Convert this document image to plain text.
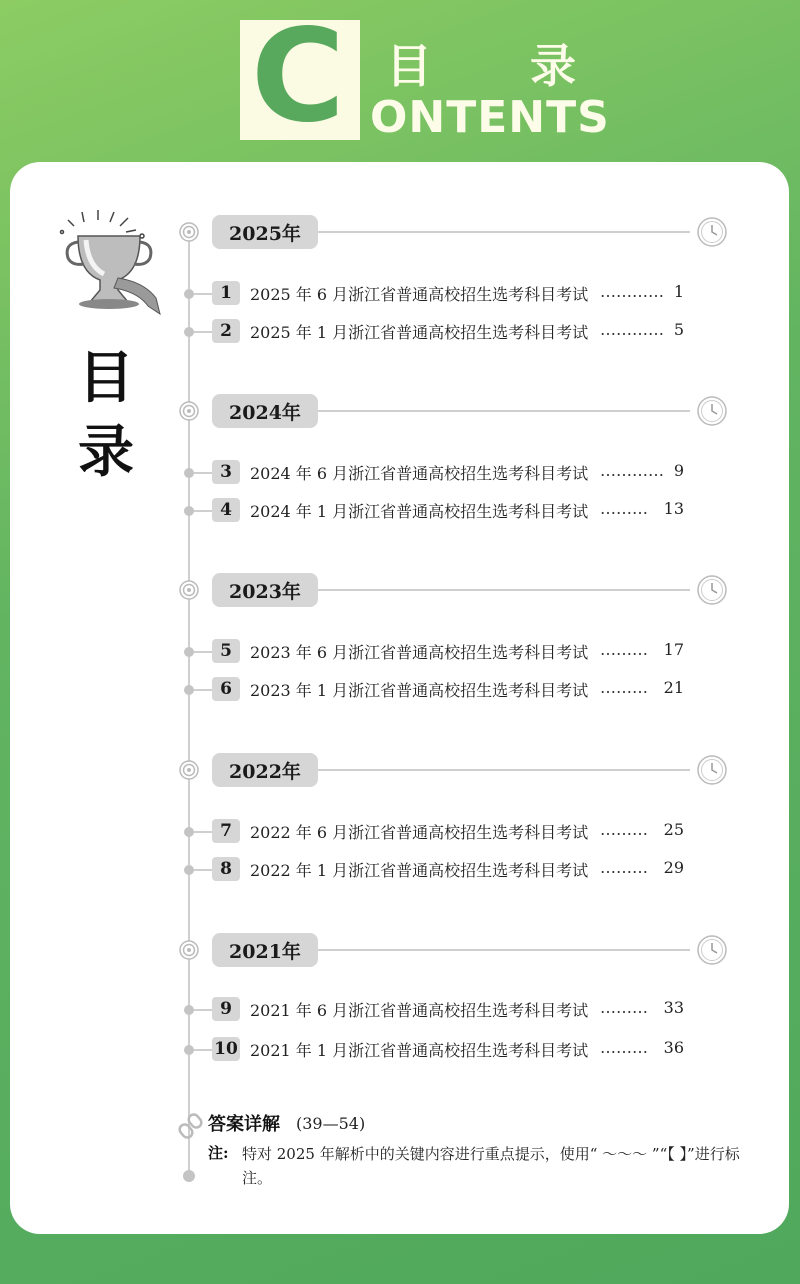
C 目 录
ONTENTS
目
录
2025年
1	2025 年 6 月浙江省普通高校招生选考科目考试 ………… 1
2	2025 年 1 月浙江省普通高校招生选考科目考试 ………… 5
2024年
3	2024 年 6 月浙江省普通高校招生选考科目考试 ………… 9
4	2024 年 1 月浙江省普通高校招生选考科目考试 ……… 13
2023年
5	2023 年 6 月浙江省普通高校招生选考科目考试 ……… 17
6	2023 年 1 月浙江省普通高校招生选考科目考试 ……… 21
2022年
7	2022 年 6 月浙江省普通高校招生选考科目考试 ……… 25
8	2022 年 1 月浙江省普通高校招生选考科目考试 ……… 29
2021年
9	2021 年 6 月浙江省普通高校招生选考科目考试 ……… 33
10 2021 年 1 月浙江省普通高校招生选考科目考试 ……… 36
答案详解 (39—54)
注: 特对 2025 年解析中的关键内容进行重点提示，使用“ ～～～ ”“【 】”进行标注。
